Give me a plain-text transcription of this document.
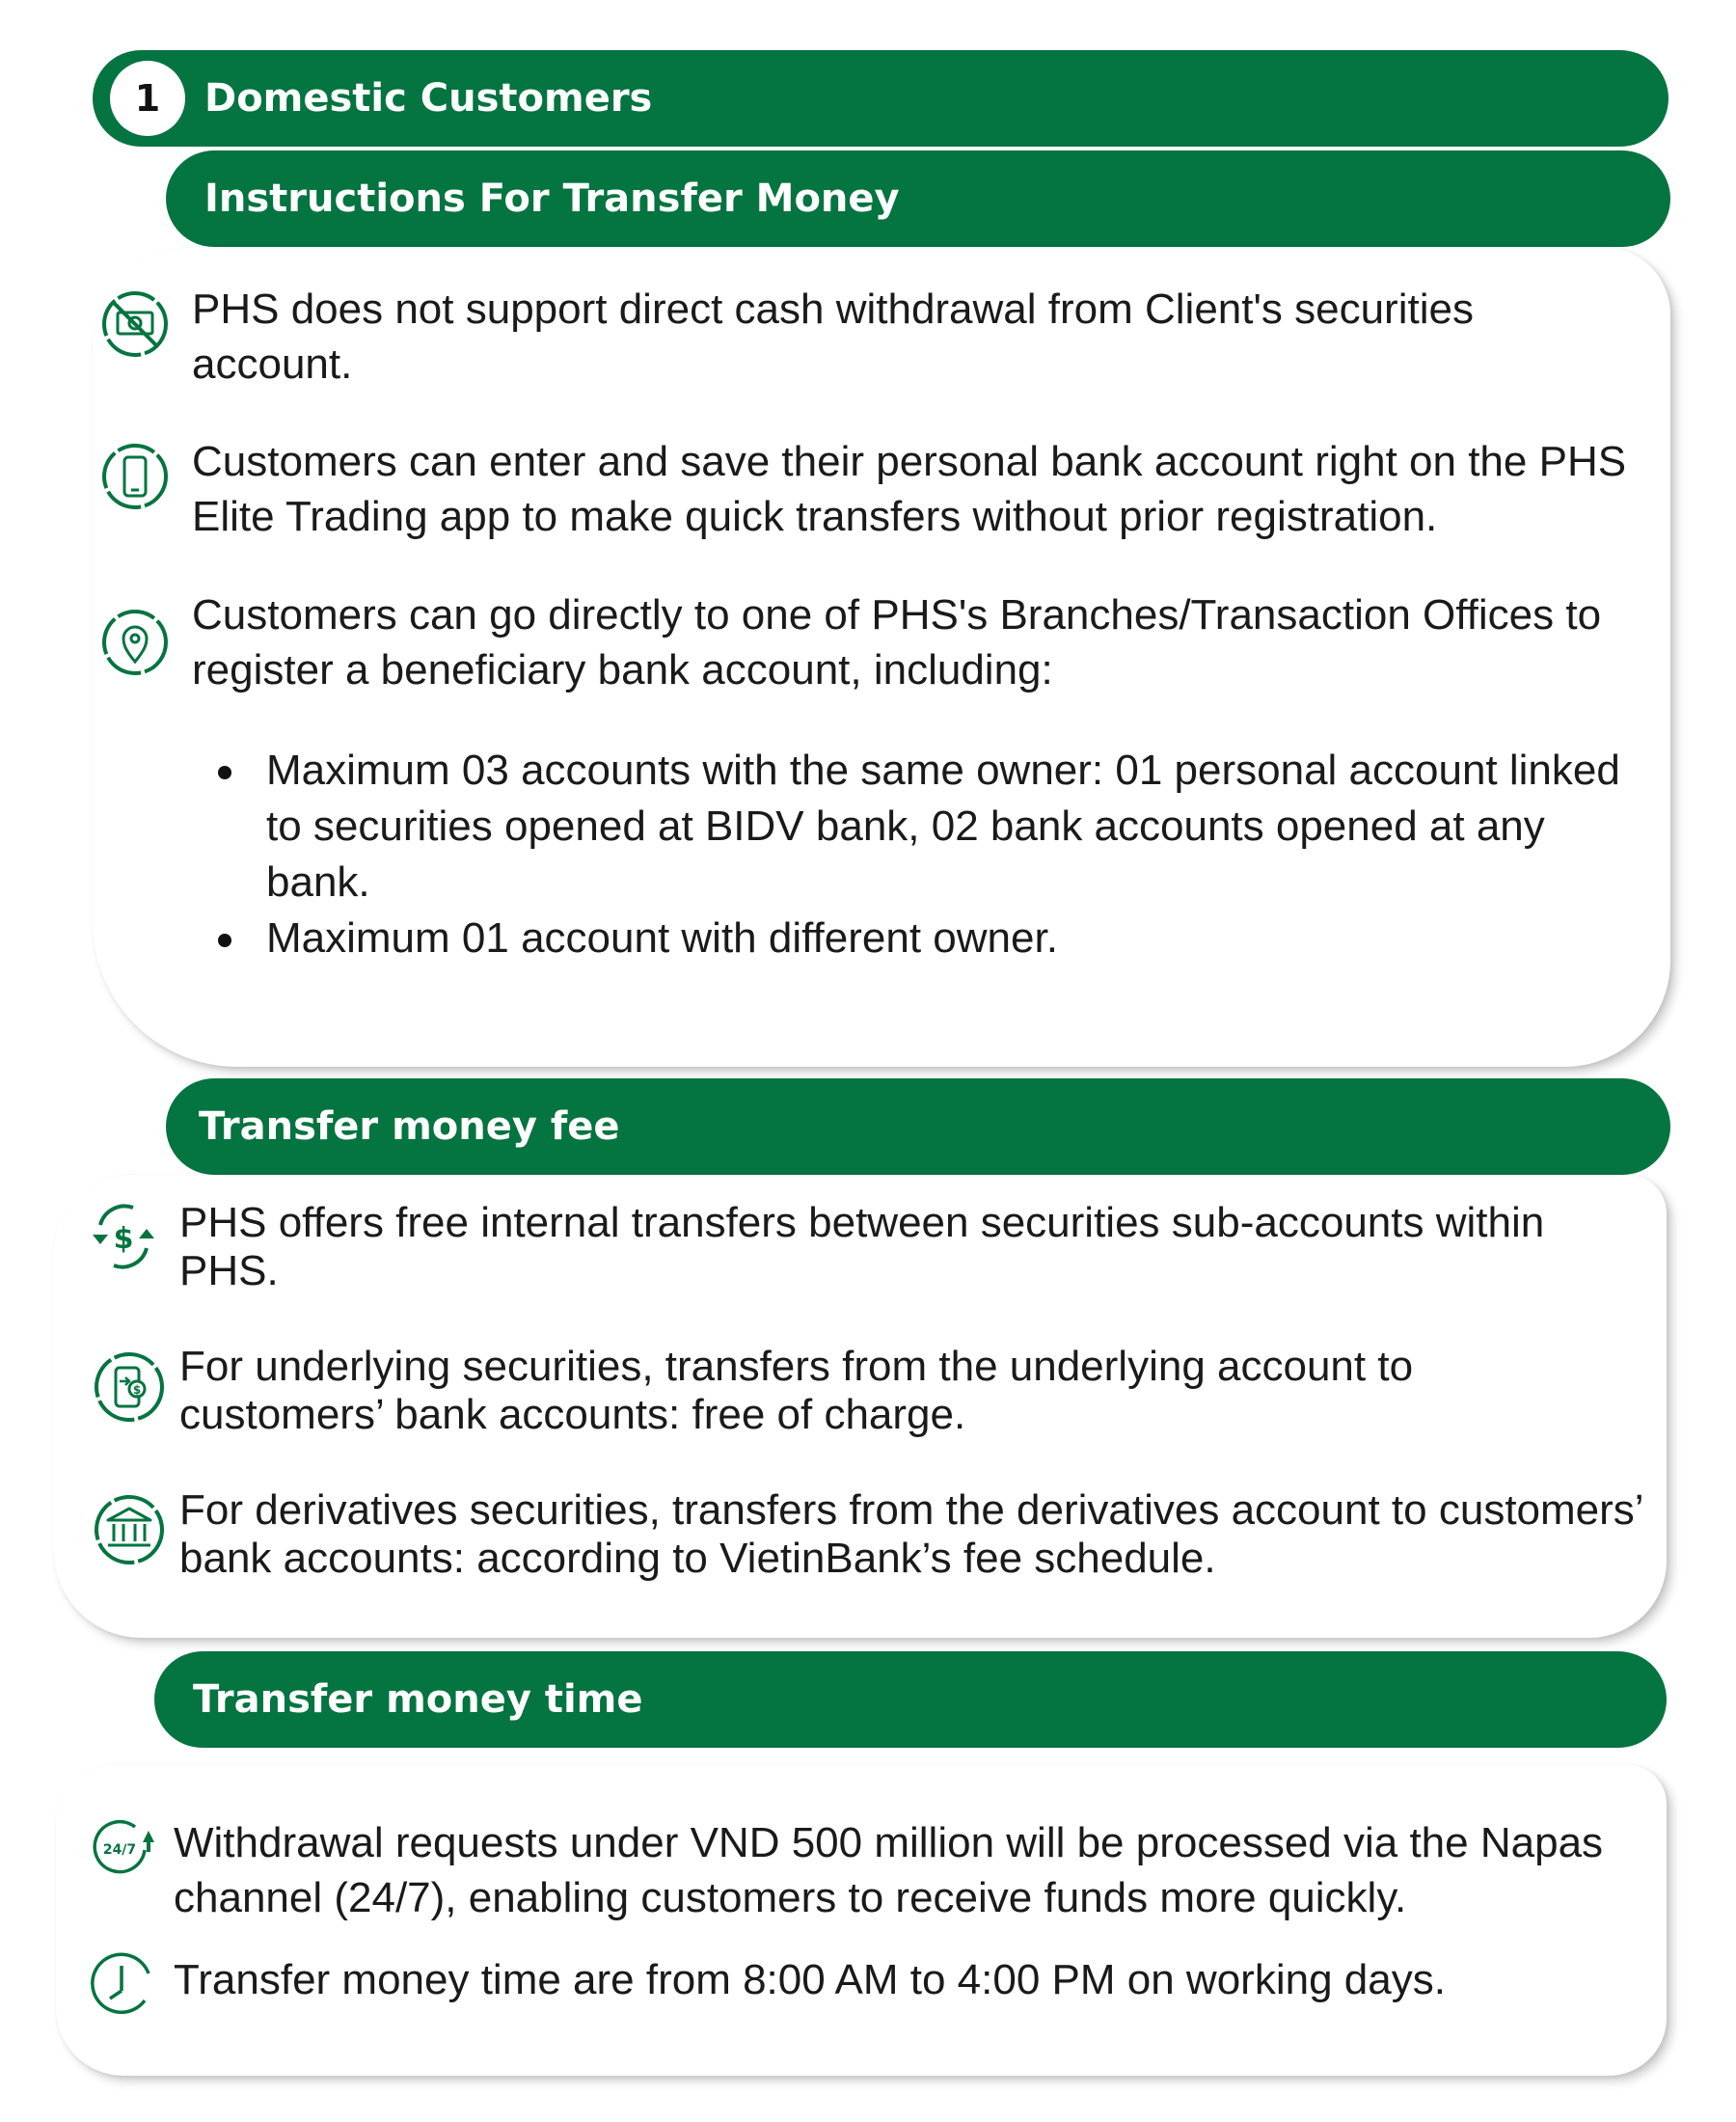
1	Domestic Customers
Instructions For Transfer Money
PHS does not support direct cash withdrawal from Client's securities account.
Customers can enter and save their personal bank account right on the PHS Elite Trading app to make quick transfers without prior registration.
Customers can go directly to one of PHS's Branches/Transaction Offices to register a beneficiary bank account, including:
Maximum 03 accounts with the same owner: 01 personal account linked to securities opened at BIDV bank, 02 bank accounts opened at any bank.
Maximum 01 account with different owner.
Transfer money fee
$ PHS offers free internal transfers between securities sub-accounts within PHS.
$ For underlying securities, transfers from the underlying account to customers’ bank accounts: free of charge.
For derivatives securities, transfers from the derivatives account to customers’ bank accounts: according to VietinBank’s fee schedule.
Transfer money time
24/7 Withdrawal requests under VND 500 million will be processed via the Napas channel (24/7), enabling customers to receive funds more quickly.
Transfer money time are from 8:00 AM to 4:00 PM on working days.
